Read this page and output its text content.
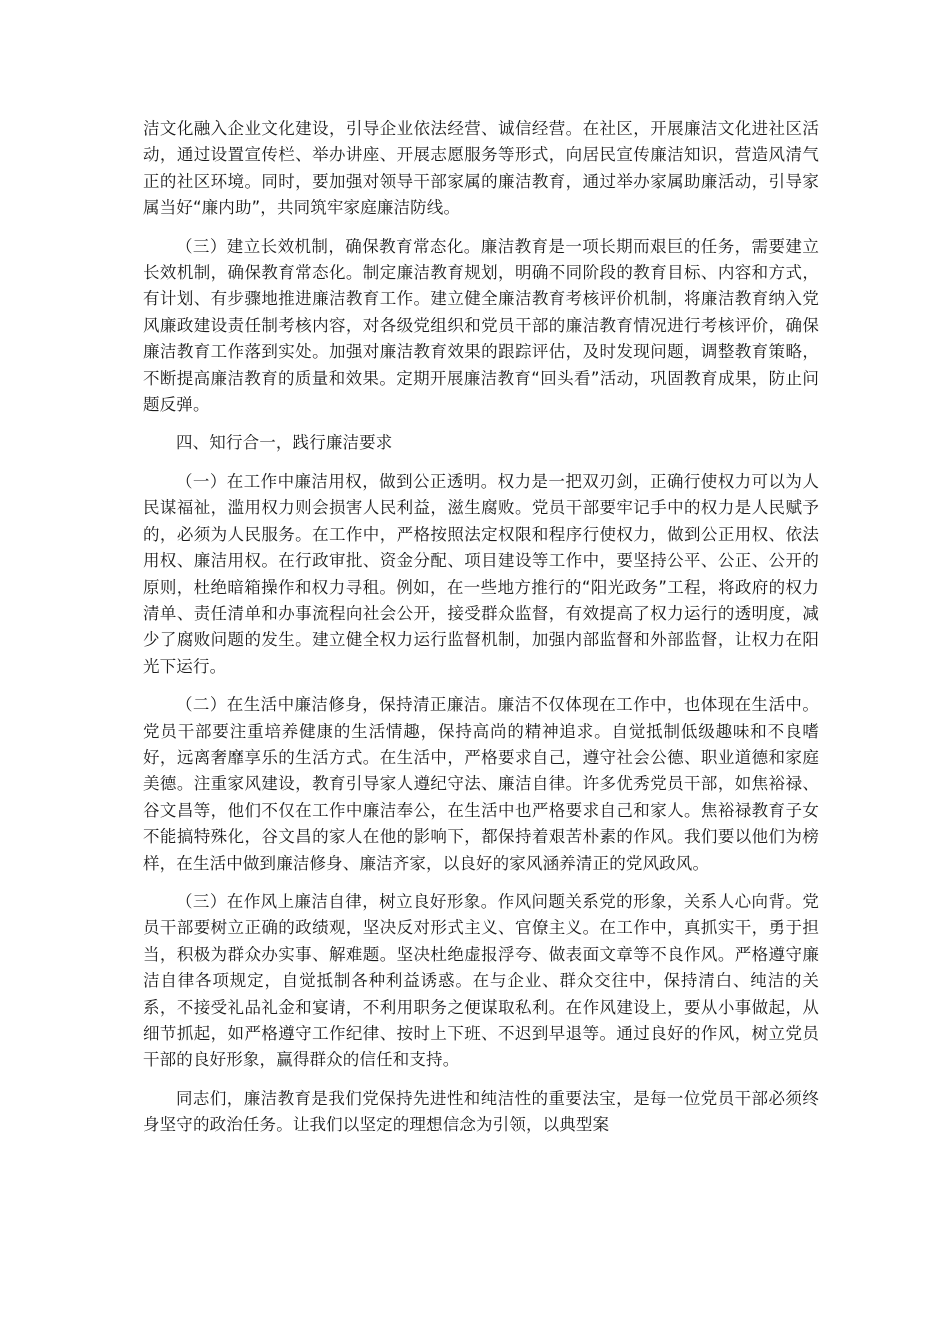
洁文化融入企业文化建设，引导企业依法经营、诚信经营。在社区，开展廉洁文化进社区活动，通过设置宣传栏、举办讲座、开展志愿服务等形式，向居民宣传廉洁知识，营造风清气正的社区环境。同时，要加强对领导干部家属的廉洁教育，通过举办家属助廉活动，引导家属当好“廉内助”，共同筑牢家庭廉洁防线。

（三）建立长效机制，确保教育常态化。廉洁教育是一项长期而艰巨的任务，需要建立长效机制，确保教育常态化。制定廉洁教育规划，明确不同阶段的教育目标、内容和方式，有计划、有步骤地推进廉洁教育工作。建立健全廉洁教育考核评价机制，将廉洁教育纳入党风廉政建设责任制考核内容，对各级党组织和党员干部的廉洁教育情况进行考核评价，确保廉洁教育工作落到实处。加强对廉洁教育效果的跟踪评估，及时发现问题，调整教育策略，不断提高廉洁教育的质量和效果。定期开展廉洁教育“回头看”活动，巩固教育成果，防止问题反弹。

四、知行合一，践行廉洁要求

（一）在工作中廉洁用权，做到公正透明。权力是一把双刃剑，正确行使权力可以为人民谋福祉，滥用权力则会损害人民利益，滋生腐败。党员干部要牢记手中的权力是人民赋予的，必须为人民服务。在工作中，严格按照法定权限和程序行使权力，做到公正用权、依法用权、廉洁用权。在行政审批、资金分配、项目建设等工作中，要坚持公平、公正、公开的原则，杜绝暗箱操作和权力寻租。例如，在一些地方推行的“阳光政务”工程，将政府的权力清单、责任清单和办事流程向社会公开，接受群众监督，有效提高了权力运行的透明度，减少了腐败问题的发生。建立健全权力运行监督机制，加强内部监督和外部监督，让权力在阳光下运行。

（二）在生活中廉洁修身，保持清正廉洁。廉洁不仅体现在工作中，也体现在生活中。党员干部要注重培养健康的生活情趣，保持高尚的精神追求。自觉抵制低级趣味和不良嗜好，远离奢靡享乐的生活方式。在生活中，严格要求自己，遵守社会公德、职业道德和家庭美德。注重家风建设，教育引导家人遵纪守法、廉洁自律。许多优秀党员干部，如焦裕禄、谷文昌等，他们不仅在工作中廉洁奉公，在生活中也严格要求自己和家人。焦裕禄教育子女不能搞特殊化，谷文昌的家人在他的影响下，都保持着艰苦朴素的作风。我们要以他们为榜样，在生活中做到廉洁修身、廉洁齐家，以良好的家风涵养清正的党风政风。

（三）在作风上廉洁自律，树立良好形象。作风问题关系党的形象，关系人心向背。党员干部要树立正确的政绩观，坚决反对形式主义、官僚主义。在工作中，真抓实干，勇于担当，积极为群众办实事、解难题。坚决杜绝虚报浮夸、做表面文章等不良作风。严格遵守廉洁自律各项规定，自觉抵制各种利益诱惑。在与企业、群众交往中，保持清白、纯洁的关系，不接受礼品礼金和宴请，不利用职务之便谋取私利。在作风建设上，要从小事做起，从细节抓起，如严格遵守工作纪律、按时上下班、不迟到早退等。通过良好的作风，树立党员干部的良好形象，赢得群众的信任和支持。

同志们，廉洁教育是我们党保持先进性和纯洁性的重要法宝，是每一位党员干部必须终身坚守的政治任务。让我们以坚定的理想信念为引领，以典型案
